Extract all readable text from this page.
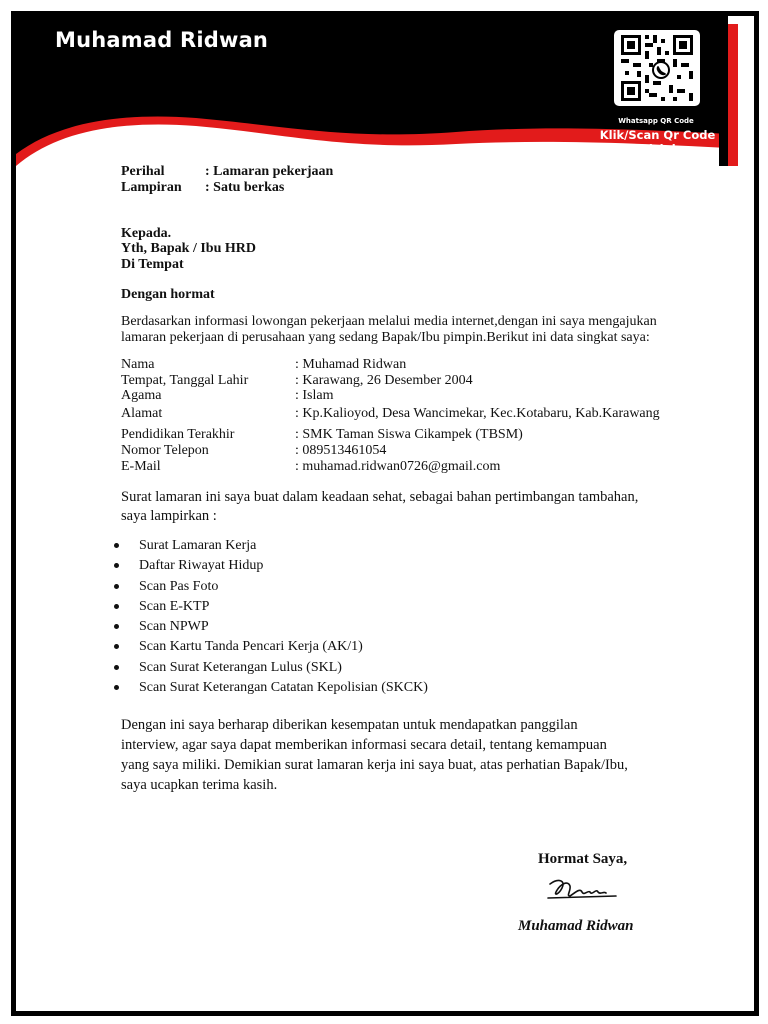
Muhamad Ridwan
Whatsapp QR Code
Klik/Scan Qr Code Disini
Perihal	: Lamaran pekerjaan
Lampiran : Satu berkas
Kepada.
Yth, Bapak / Ibu HRD
Di Tempat
Dengan hormat
Berdasarkan informasi lowongan pekerjaan melalui media internet,dengan ini saya mengajukan
lamaran pekerjaan di perusahaan yang sedang Bapak/Ibu pimpin.Berikut ini data singkat saya:
Nama	: Muhamad Ridwan
Tempat, Tanggal Lahir	: Karawang, 26 Desember 2004
Agama	: Islam
Alamat	: Kp.Kalioyod, Desa Wancimekar, Kec.Kotabaru, Kab.Karawang
Pendidikan Terakhir	: SMK Taman Siswa Cikampek (TBSM)
Nomor Telepon	: 089513461054
E-Mail	: muhamad.ridwan0726@gmail.com
Surat lamaran ini saya buat dalam keadaan sehat, sebagai bahan pertimbangan tambahan,
saya lampirkan :
Surat Lamaran Kerja
Daftar Riwayat Hidup
Scan Pas Foto
Scan E-KTP
Scan NPWP
Scan Kartu Tanda Pencari Kerja (AK/1)
Scan Surat Keterangan Lulus (SKL)
Scan Surat Keterangan Catatan Kepolisian (SKCK)
Dengan ini saya berharap diberikan kesempatan untuk mendapatkan panggilan
interview, agar saya dapat memberikan informasi secara detail, tentang kemampuan
yang saya miliki. Demikian surat lamaran kerja ini saya buat, atas perhatian Bapak/Ibu,
saya ucapkan terima kasih.
Hormat Saya,
Muhamad Ridwan
